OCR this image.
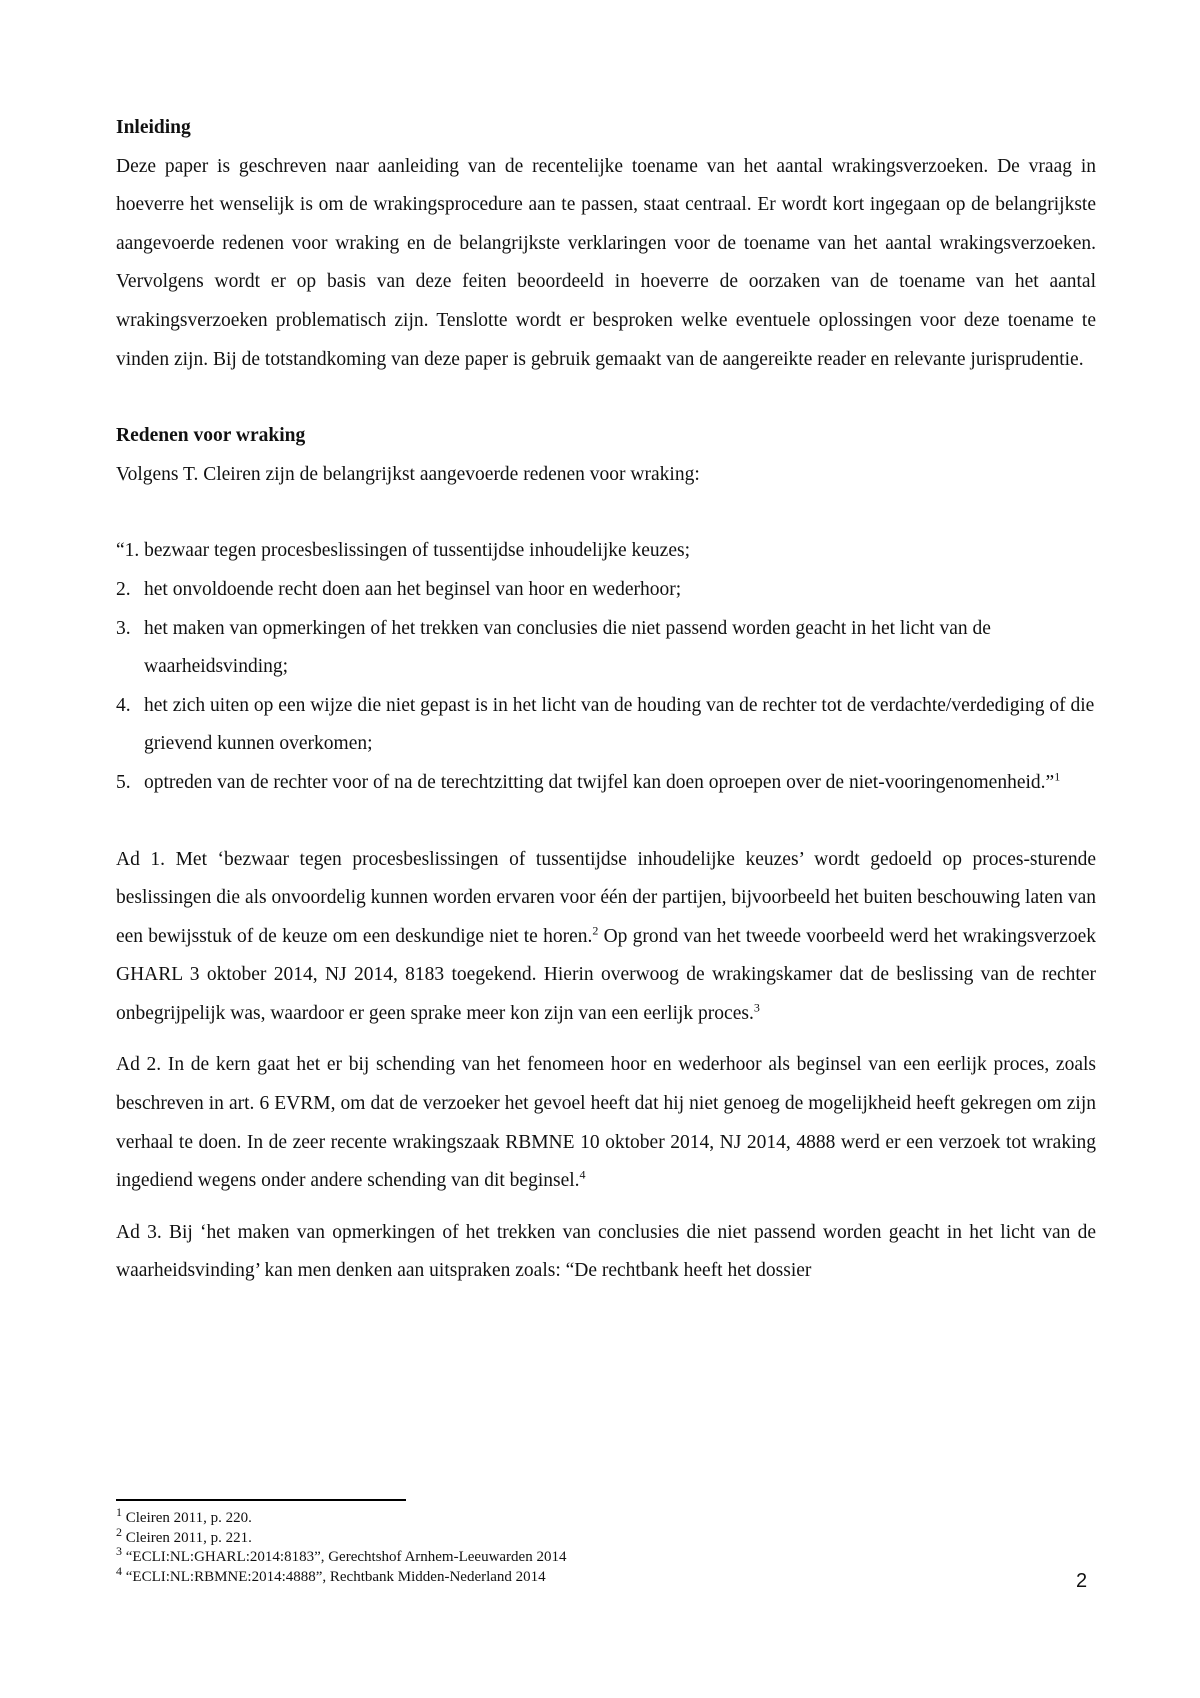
Inleiding

Deze paper is geschreven naar aanleiding van de recentelijke toename van het aantal wrakingsverzoeken. De vraag in hoeverre het wenselijk is om de wrakingsprocedure aan te passen, staat centraal. Er wordt kort ingegaan op de belangrijkste aangevoerde redenen voor wraking en de belangrijkste verklaringen voor de toename van het aantal wrakingsverzoeken. Vervolgens wordt er op basis van deze feiten beoordeeld in hoeverre de oorzaken van de toename van het aantal wrakingsverzoeken problematisch zijn. Tenslotte wordt er besproken welke eventuele oplossingen voor deze toename te vinden zijn. Bij de totstandkoming van deze paper is gebruik gemaakt van de aangereikte reader en relevante jurisprudentie.

Redenen voor wraking

Volgens T. Cleiren zijn de belangrijkst aangevoerde redenen voor wraking:

“1. bezwaar tegen procesbeslissingen of tussentijdse inhoudelijke keuzes;
2. het onvoldoende recht doen aan het beginsel van hoor en wederhoor;
3. het maken van opmerkingen of het trekken van conclusies die niet passend worden geacht in het licht van de waarheidsvinding;
4. het zich uiten op een wijze die niet gepast is in het licht van de houding van de rechter tot de verdachte/verdediging of die grievend kunnen overkomen;
5. optreden van de rechter voor of na de terechtzitting dat twijfel kan doen oproepen over de niet-vooringenomenheid.”$^1$

Ad 1. Met ‘bezwaar tegen procesbeslissingen of tussentijdse inhoudelijke keuzes’ wordt gedoeld op proces-sturende beslissingen die als onvoordelig kunnen worden ervaren voor één der partijen, bijvoorbeeld het buiten beschouwing laten van een bewijsstuk of de keuze om een deskundige niet te horen.$^2$ Op grond van het tweede voorbeeld werd het wrakingsverzoek GHARL 3 oktober 2014, NJ 2014, 8183 toegekend. Hierin overwoog de wrakingskamer dat de beslissing van de rechter onbegrijpelijk was, waardoor er geen sprake meer kon zijn van een eerlijk proces.$^3$

Ad 2. In de kern gaat het er bij schending van het fenomeen hoor en wederhoor als beginsel van een eerlijk proces, zoals beschreven in art. 6 EVRM, om dat de verzoeker het gevoel heeft dat hij niet genoeg de mogelijkheid heeft gekregen om zijn verhaal te doen. In de zeer recente wrakingszaak RBMNE 10 oktober 2014, NJ 2014, 4888 werd er een verzoek tot wraking ingediend wegens onder andere schending van dit beginsel.$^4$

Ad 3. Bij ‘het maken van opmerkingen of het trekken van conclusies die niet passend worden geacht in het licht van de waarheidsvinding’ kan men denken aan uitspraken zoals: “De rechtbank heeft het dossier

$^1$ Cleiren 2011, p. 220.

$^2$ Cleiren 2011, p. 221.

$^3$ “ECLI:NL:GHARL:2014:8183”, Gerechtshof Arnhem-Leeuwarden 2014

$^4$ “ECLI:NL:RBMNE:2014:4888”, Rechtbank Midden-Nederland 2014	2
